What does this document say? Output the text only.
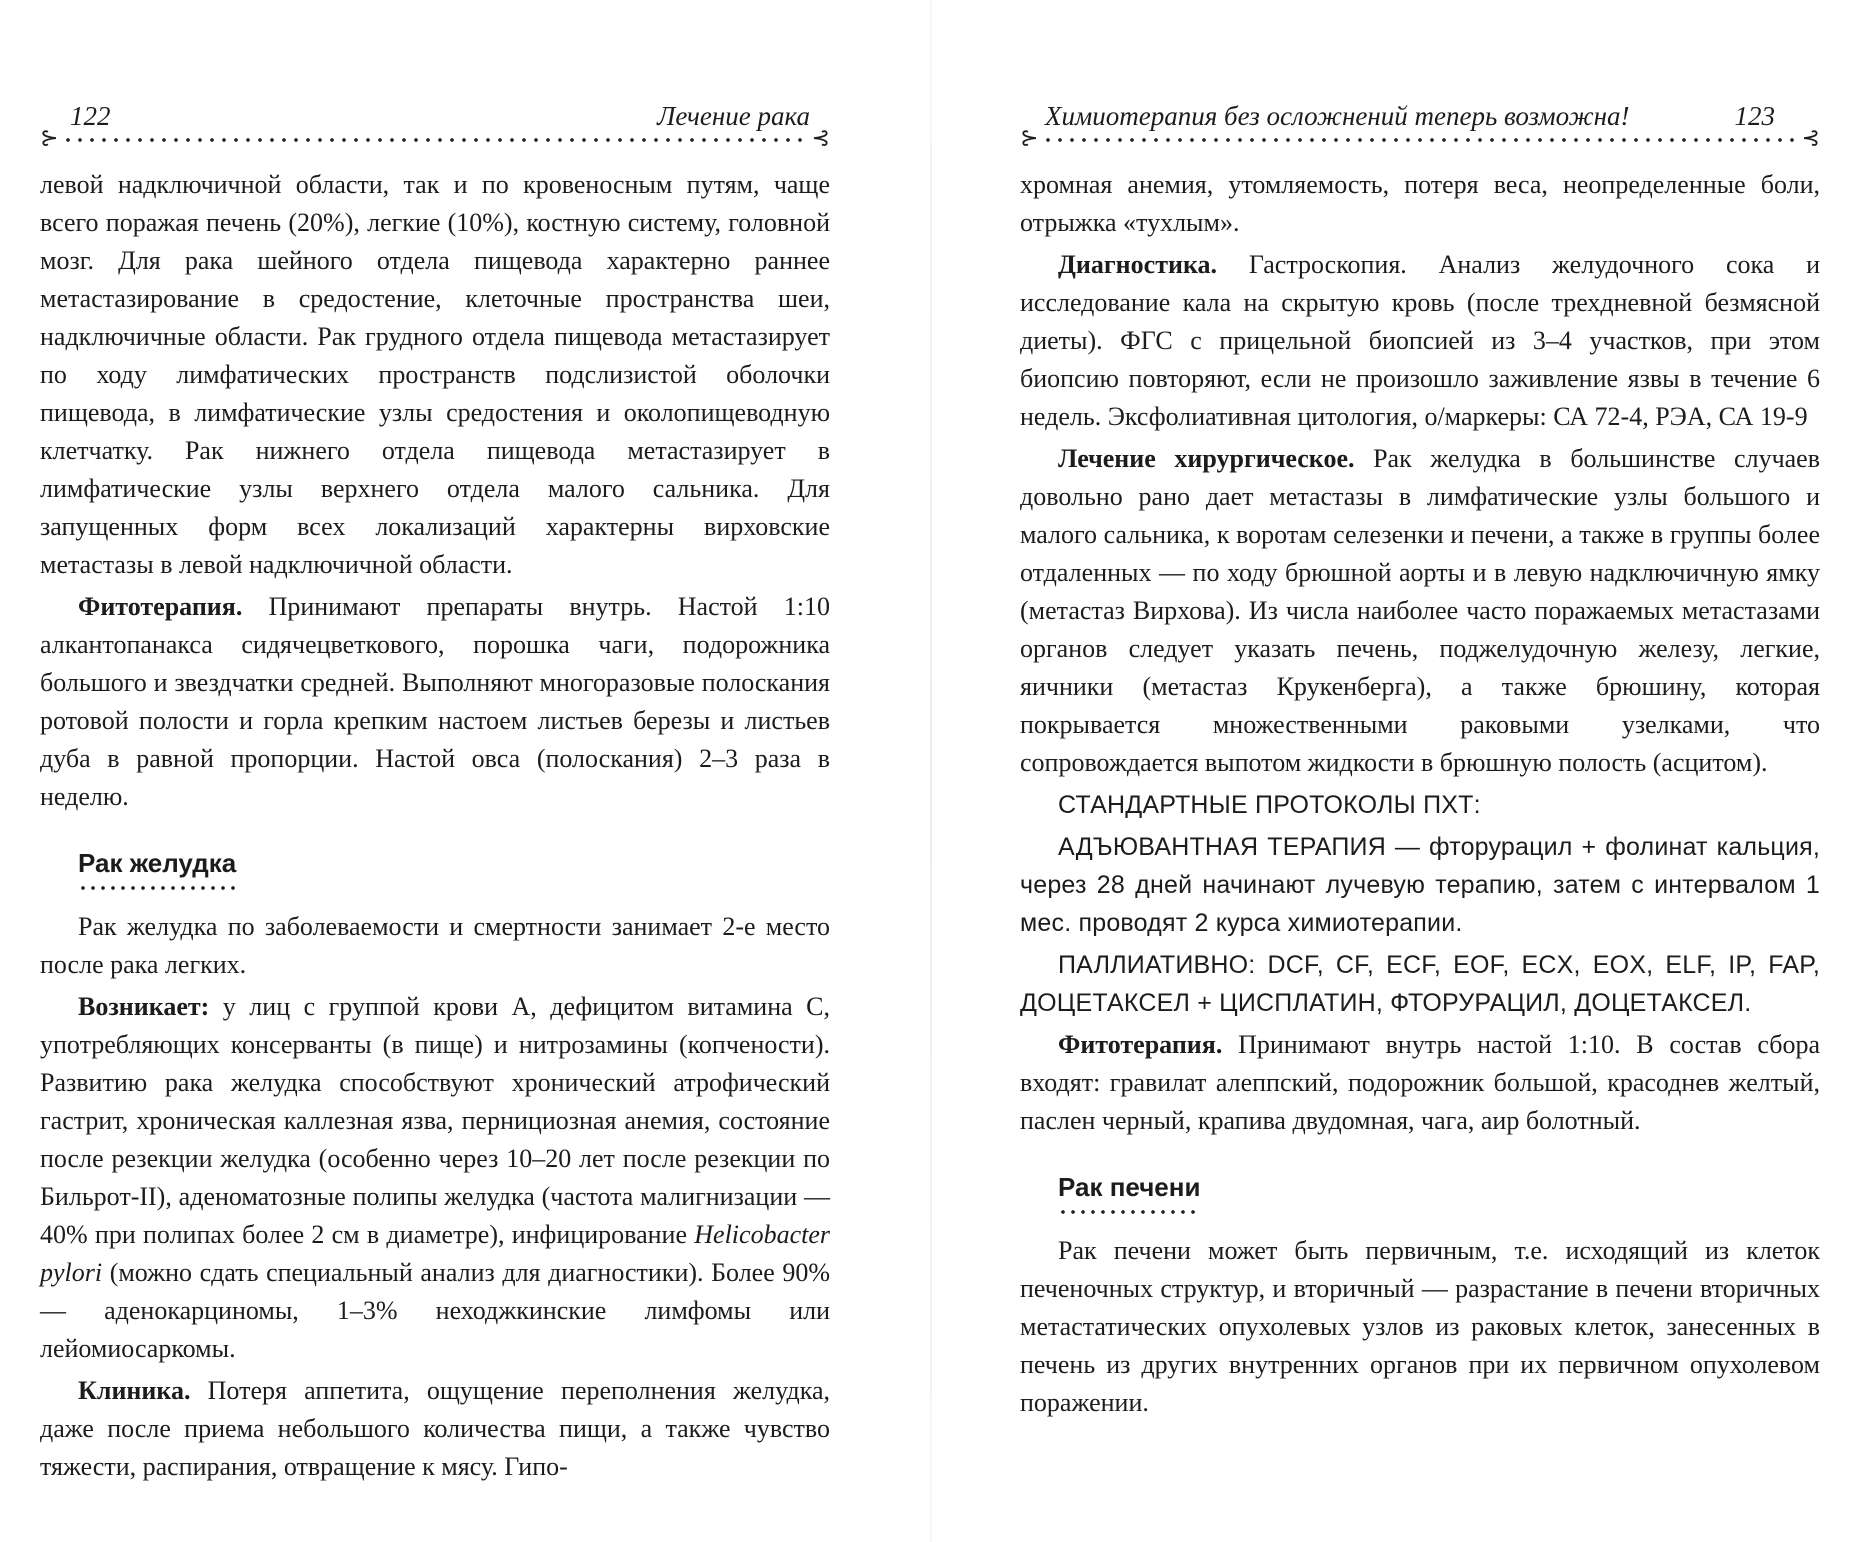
122	Лечение рака
⊱	⊰

левой надключичной области, так и по кровеносным путям, чаще всего поражая печень (20%), легкие (10%), костную систему, головной мозг. Для рака шейного отдела пищевода характерно раннее метастазирование в средостение, клеточные пространства шеи, надключичные области. Рак грудного отдела пищевода метастазирует по ходу лимфатических пространств подслизистой оболочки пищевода, в лимфатические узлы средостения и околопищеводную клетчатку. Рак нижнего отдела пищевода метастазирует в лимфатические узлы верхнего отдела малого сальника. Для запущенных форм всех локализаций характерны вирховские метастазы в левой надключичной области.

Фитотерапия. Принимают препараты внутрь. Настой 1:10 алкантопанакса сидячецветкового, порошка чаги, подорожника большого и звездчатки средней. Выполняют многоразовые полоскания ротовой полости и горла крепким настоем листьев березы и листьев дуба в равной пропорции. Настой овса (полоскания) 2–3 раза в неделю.

Рак желудка

Рак желудка по заболеваемости и смертности занимает 2-е место после рака легких.

Возникает: у лиц с группой крови А, дефицитом витамина С, употребляющих консерванты (в пище) и нитрозамины (копчености). Развитию рака желудка способствуют хронический атрофический гастрит, хроническая каллезная язва, пернициозная анемия, состояние после резекции желудка (особенно через 10–20 лет после резекции по Бильрот-II), аденоматозные полипы желудка (частота малигнизации — 40% при полипах более 2 см в диаметре), инфицирование Helicobacter pylori (можно сдать специальный анализ для диагностики). Более 90% — аденокарциномы, 1–3% неходжкинские лимфомы или лейомиосаркомы.

Клиника. Потеря аппетита, ощущение переполнения желудка, даже после приема небольшого количества пищи, а также чувство тяжести, распирания, отвращение к мясу. Гипо-

Химиотерапия без осложнений теперь возможна!	123
⊱	⊰

хромная анемия, утомляемость, потеря веса, неопределенные боли, отрыжка «тухлым».

Диагностика. Гастроскопия. Анализ желудочного сока и исследование кала на скрытую кровь (после трехдневной безмясной диеты). ФГС с прицельной биопсией из 3–4 участков, при этом биопсию повторяют, если не произошло заживление язвы в течение 6 недель. Эксфолиативная цитология, о/маркеры: СА 72-4, РЭА, СА 19-9

Лечение хирургическое. Рак желудка в большинстве случаев довольно рано дает метастазы в лимфатические узлы большого и малого сальника, к воротам селезенки и печени, а также в группы более отдаленных — по ходу брюшной аорты и в левую надключичную ямку (метастаз Вирхова). Из числа наиболее часто поражаемых метастазами органов следует указать печень, поджелудочную железу, легкие, яичники (метастаз Крукенберга), а также брюшину, которая покрывается множественными раковыми узелками, что сопровождается выпотом жидкости в брюшную полость (асцитом).

СТАНДАРТНЫЕ ПРОТОКОЛЫ ПХТ:

АДЪЮВАНТНАЯ ТЕРАПИЯ — фторурацил + фолинат кальция, через 28 дней начинают лучевую терапию, затем с интервалом 1 мес. проводят 2 курса химиотерапии.

ПАЛЛИАТИВНО: DCF, CF, ECF, EOF, ECX, EOX, ELF, IP, FAP, ДОЦЕТАКСЕЛ + ЦИСПЛАТИН, ФТОРУРАЦИЛ, ДОЦЕТАКСЕЛ.

Фитотерапия. Принимают внутрь настой 1:10. В состав сбора входят: гравилат алеппский, подорожник большой, красоднев желтый, паслен черный, крапива двудомная, чага, аир болотный.

Рак печени

Рак печени может быть первичным, т.е. исходящий из клеток печеночных структур, и вторичный — разрастание в печени вторичных метастатических опухолевых узлов из раковых клеток, занесенных в печень из других внутренних органов при их первичном опухолевом поражении.
